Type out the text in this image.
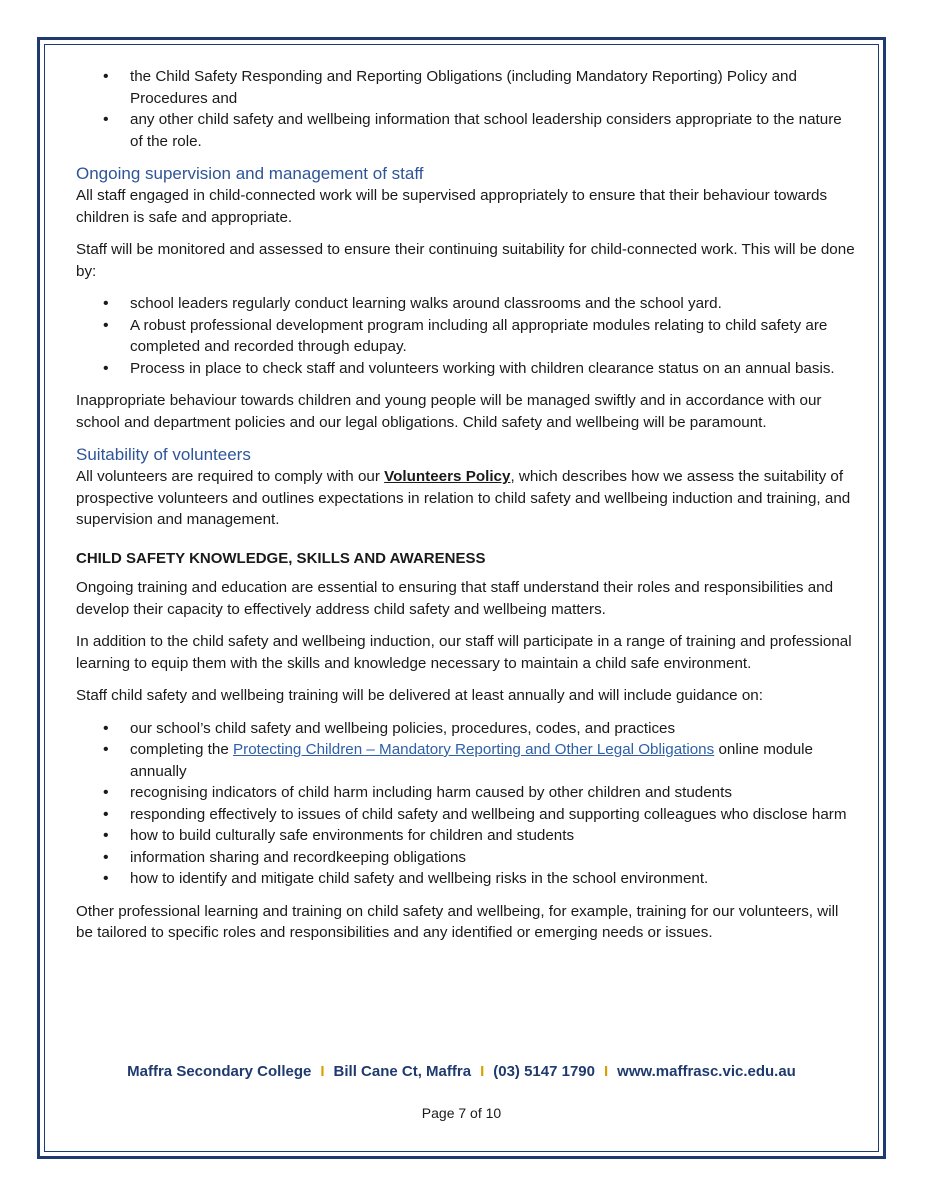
• the Child Safety Responding and Reporting Obligations (including Mandatory Reporting) Policy and Procedures and
• any other child safety and wellbeing information that school leadership considers appropriate to the nature of the role.

Ongoing supervision and management of staff

All staff engaged in child-connected work will be supervised appropriately to ensure that their behaviour towards children is safe and appropriate.

Staff will be monitored and assessed to ensure their continuing suitability for child-connected work. This will be done by:

• school leaders regularly conduct learning walks around classrooms and the school yard.
• A robust professional development program including all appropriate modules relating to child safety are completed and recorded through edupay.
• Process in place to check staff and volunteers working with children clearance status on an annual basis.

Inappropriate behaviour towards children and young people will be managed swiftly and in accordance with our school and department policies and our legal obligations. Child safety and wellbeing will be paramount.

Suitability of volunteers

All volunteers are required to comply with our Volunteers Policy, which describes how we assess the suitability of prospective volunteers and outlines expectations in relation to child safety and wellbeing induction and training, and supervision and management.

CHILD SAFETY KNOWLEDGE, SKILLS AND AWARENESS

Ongoing training and education are essential to ensuring that staff understand their roles and responsibilities and develop their capacity to effectively address child safety and wellbeing matters.

In addition to the child safety and wellbeing induction, our staff will participate in a range of training and professional learning to equip them with the skills and knowledge necessary to maintain a child safe environment.

Staff child safety and wellbeing training will be delivered at least annually and will include guidance on:

• our school’s child safety and wellbeing policies, procedures, codes, and practices
• completing the Protecting Children – Mandatory Reporting and Other Legal Obligations online module annually
• recognising indicators of child harm including harm caused by other children and students
• responding effectively to issues of child safety and wellbeing and supporting colleagues who disclose harm
• how to build culturally safe environments for children and students
• information sharing and recordkeeping obligations
• how to identify and mitigate child safety and wellbeing risks in the school environment.

Other professional learning and training on child safety and wellbeing, for example, training for our volunteers, will be tailored to specific roles and responsibilities and any identified or emerging needs or issues.

Maffra Secondary College I Bill Cane Ct, Maffra I (03) 5147 1790 I www.maffrasc.vic.edu.au
Page 7 of 10
